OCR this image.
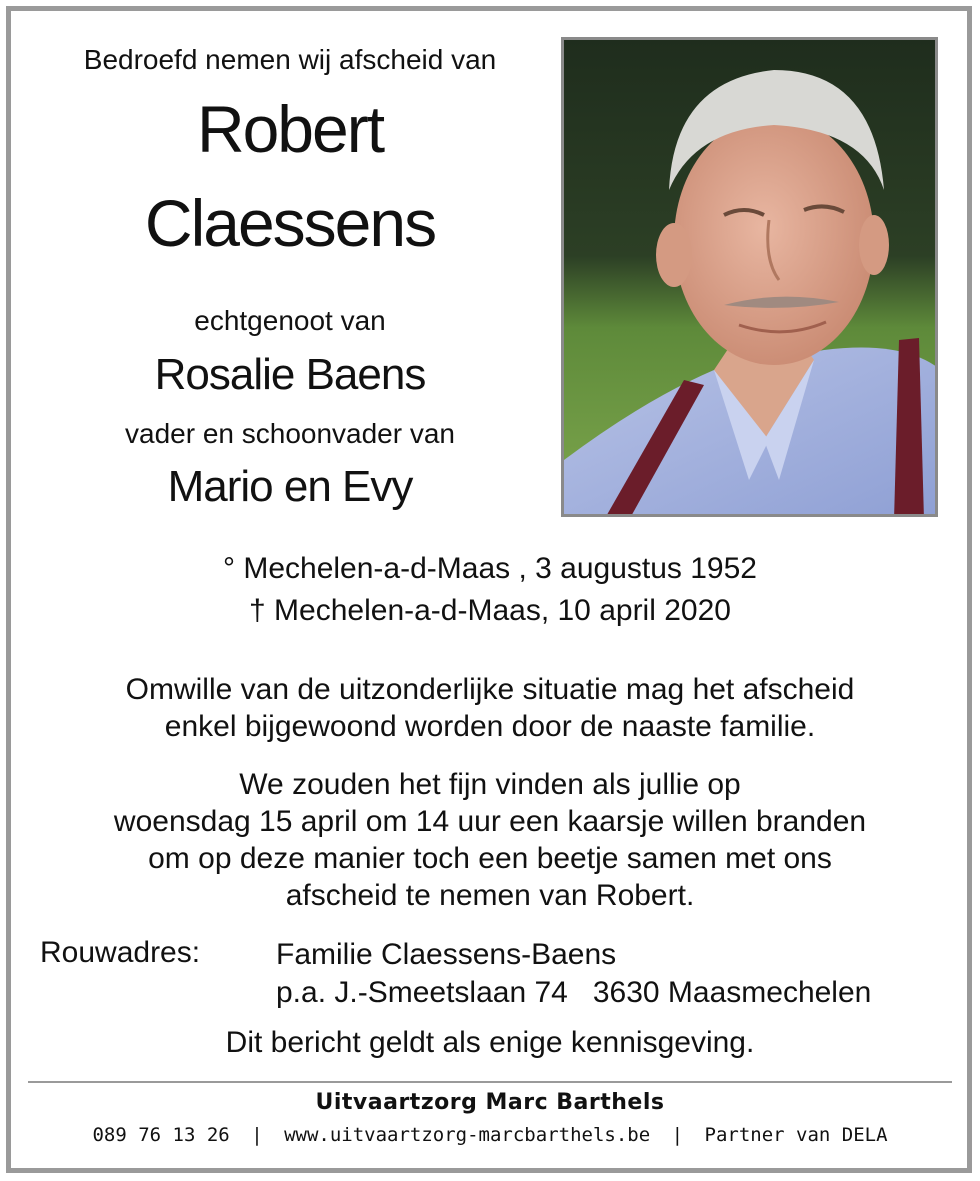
Bedroefd nemen wij afscheid van
Robert
Claessens
echtgenoot van
Rosalie Baens
vader en schoonvader van
Mario en Evy
° Mechelen-a-d-Maas , 3 augustus 1952
† Mechelen-a-d-Maas, 10 april 2020
Omwille van de uitzonderlijke situatie mag het afscheid
enkel bijgewoond worden door de naaste familie.
We zouden het fijn vinden als jullie op
woensdag 15 april om 14 uur een kaarsje willen branden
om op deze manier toch een beetje samen met ons
afscheid te nemen van Robert.
Rouwadres:	Familie Claessens-Baens
p.a. J.-Smeetslaan 74   3630 Maasmechelen
Dit bericht geldt als enige kennisgeving.
Uitvaartzorg Marc Barthels
089 76 13 26 | www.uitvaartzorg-marcbarthels.be | Partner van DELA
